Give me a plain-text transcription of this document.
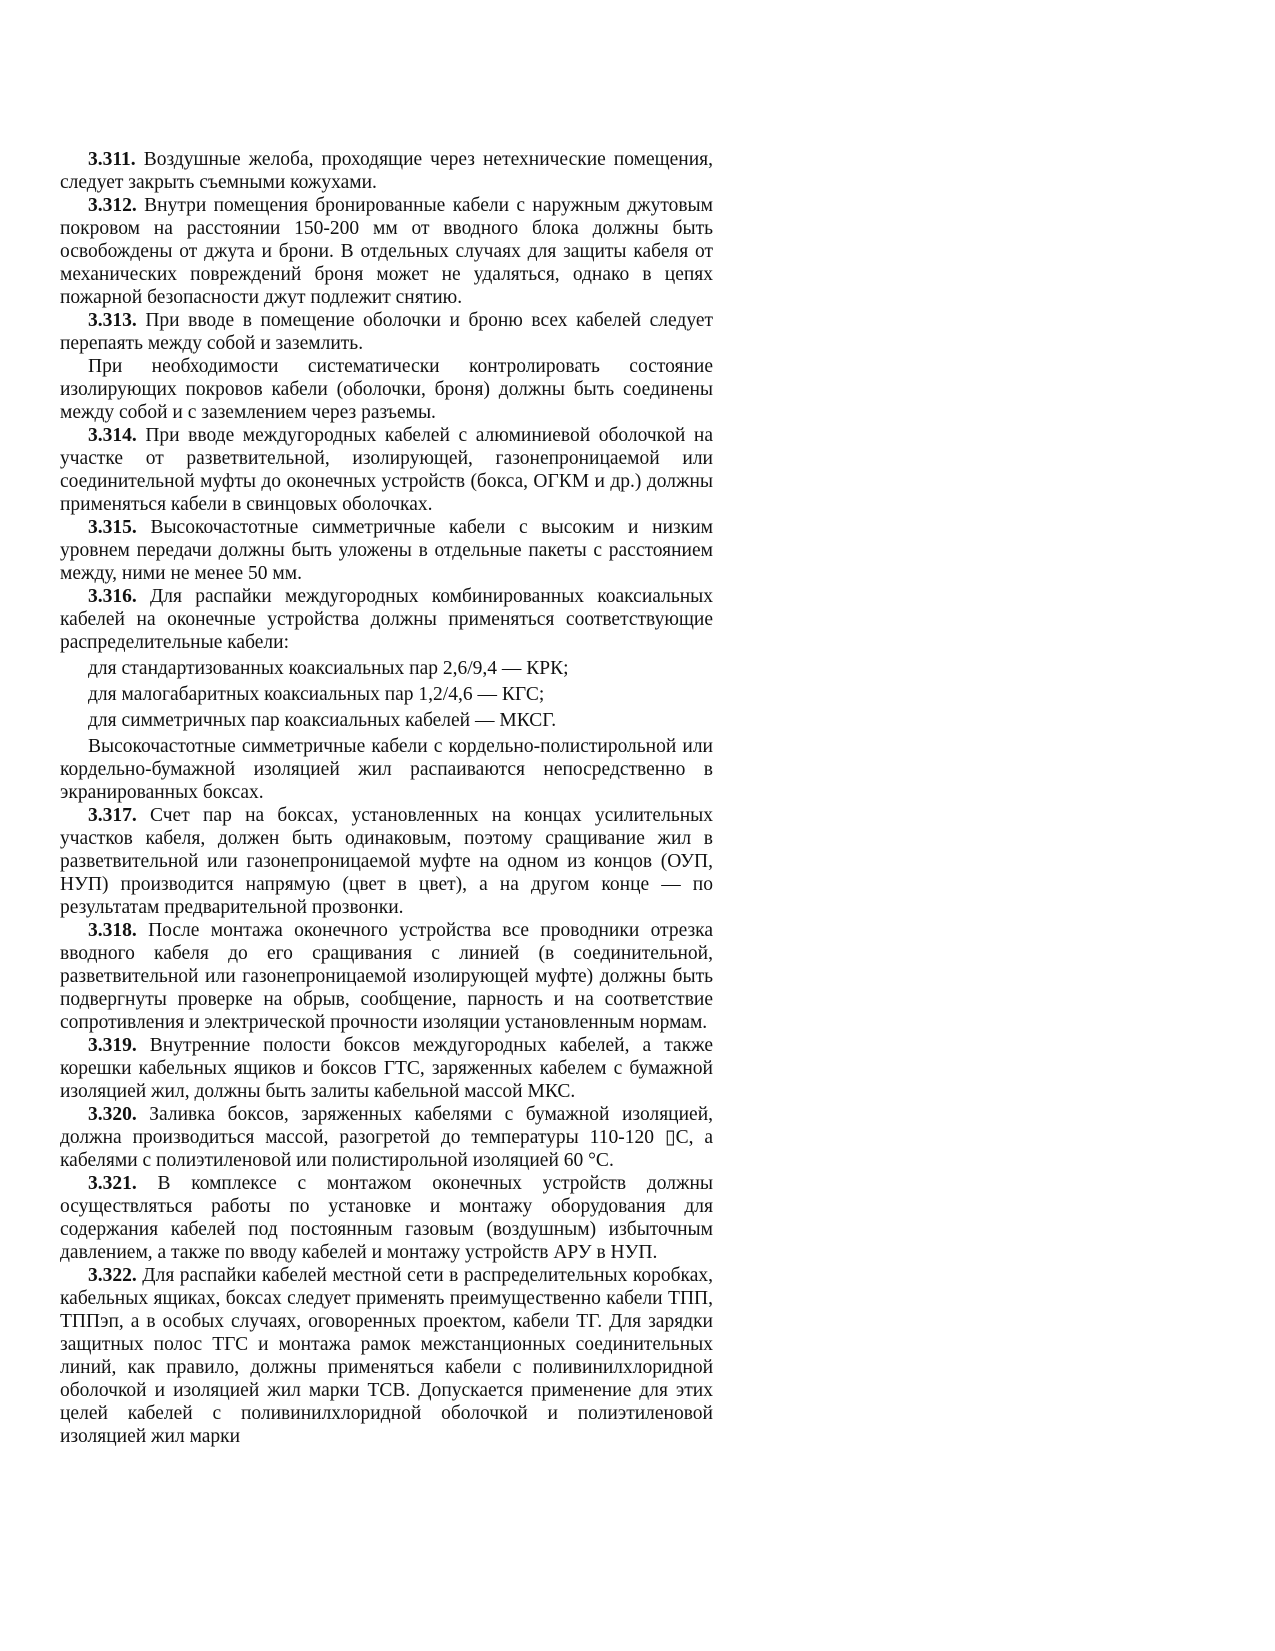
3.311. Воздушные желоба, проходящие через нетехнические помещения, следует закрыть съемными кожухами.

3.312. Внутри помещения бронированные кабели с наружным джутовым покровом на расстоянии 150-200 мм от вводного блока должны быть освобождены от джута и брони. В отдельных случаях для защиты кабеля от механических повреждений броня может не удаляться, однако в цепях пожарной безопасности джут подлежит снятию.

3.313. При вводе в помещение оболочки и броню всех кабелей следует перепаять между собой и заземлить.

При необходимости систематически контролировать состояние изолирующих покровов кабели (оболочки, броня) должны быть соединены между собой и с заземлением через разъемы.

3.314. При вводе междугородных кабелей с алюминиевой оболочкой на участке от разветвительной, изолирующей, газонепроницаемой или соединительной муфты до оконечных устройств (бокса, ОГКМ и др.) должны применяться кабели в свинцовых оболочках.

3.315. Высокочастотные симметричные кабели с высоким и низким уровнем передачи должны быть уложены в отдельные пакеты с расстоянием между, ними не менее 50 мм.

3.316. Для распайки междугородных комбинированных коаксиальных кабелей на оконечные устройства должны применяться соответствующие распределительные кабели:

для стандартизованных коаксиальных пар 2,6/9,4 — КРК;

для малогабаритных коаксиальных пар 1,2/4,6 — КГС;

для симметричных пар коаксиальных кабелей — МКСГ.

Высокочастотные симметричные кабели с кордельно-полистирольной или кордельно-бумажной изоляцией жил распаиваются непосредственно в экранированных боксах.

3.317. Счет пар на боксах, установленных на концах усилительных участков кабеля, должен быть одинаковым, поэтому сращивание жил в разветвительной или газонепроницаемой муфте на одном из концов (ОУП, НУП) производится напрямую (цвет в цвет), а на другом конце — по результатам предварительной прозвонки.

3.318. После монтажа оконечного устройства все проводники отрезка вводного кабеля до его сращивания с линией (в соединительной, разветвительной или газонепроницаемой изолирующей муфте) должны быть подвергнуты проверке на обрыв, сообщение, парность и на соответствие сопротивления и электрической прочности изоляции установленным нормам.

3.319. Внутренние полости боксов междугородных кабелей, а также корешки кабельных ящиков и боксов ГТС, заряженных кабелем с бумажной изоляцией жил, должны быть залиты кабельной массой МКС.

3.320. Заливка боксов, заряженных кабелями с бумажной изоляцией, должна производиться массой, разогретой до температуры 110-120 ▯C, а кабелями с полиэтиленовой или полистирольной изоляцией 60 °С.

3.321. В комплексе с монтажом оконечных устройств должны осуществляться работы по установке и монтажу оборудования для содержания кабелей под постоянным газовым (воздушным) избыточным давлением, а также по вводу кабелей и монтажу устройств АРУ в НУП.

3.322. Для распайки кабелей местной сети в распределительных коробках, кабельных ящиках, боксах следует применять преимущественно кабели ТПП, ТППэп, а в особых случаях, оговоренных проектом, кабели ТГ. Для зарядки защитных полос ТГС и монтажа рамок межстанционных соединительных линий, как правило, должны применяться кабели с поливинилхлоридной оболочкой и изоляцией жил марки ТСВ. Допускается применение для этих целей кабелей с поливинилхлоридной оболочкой и полиэтиленовой изоляцией жил марки
